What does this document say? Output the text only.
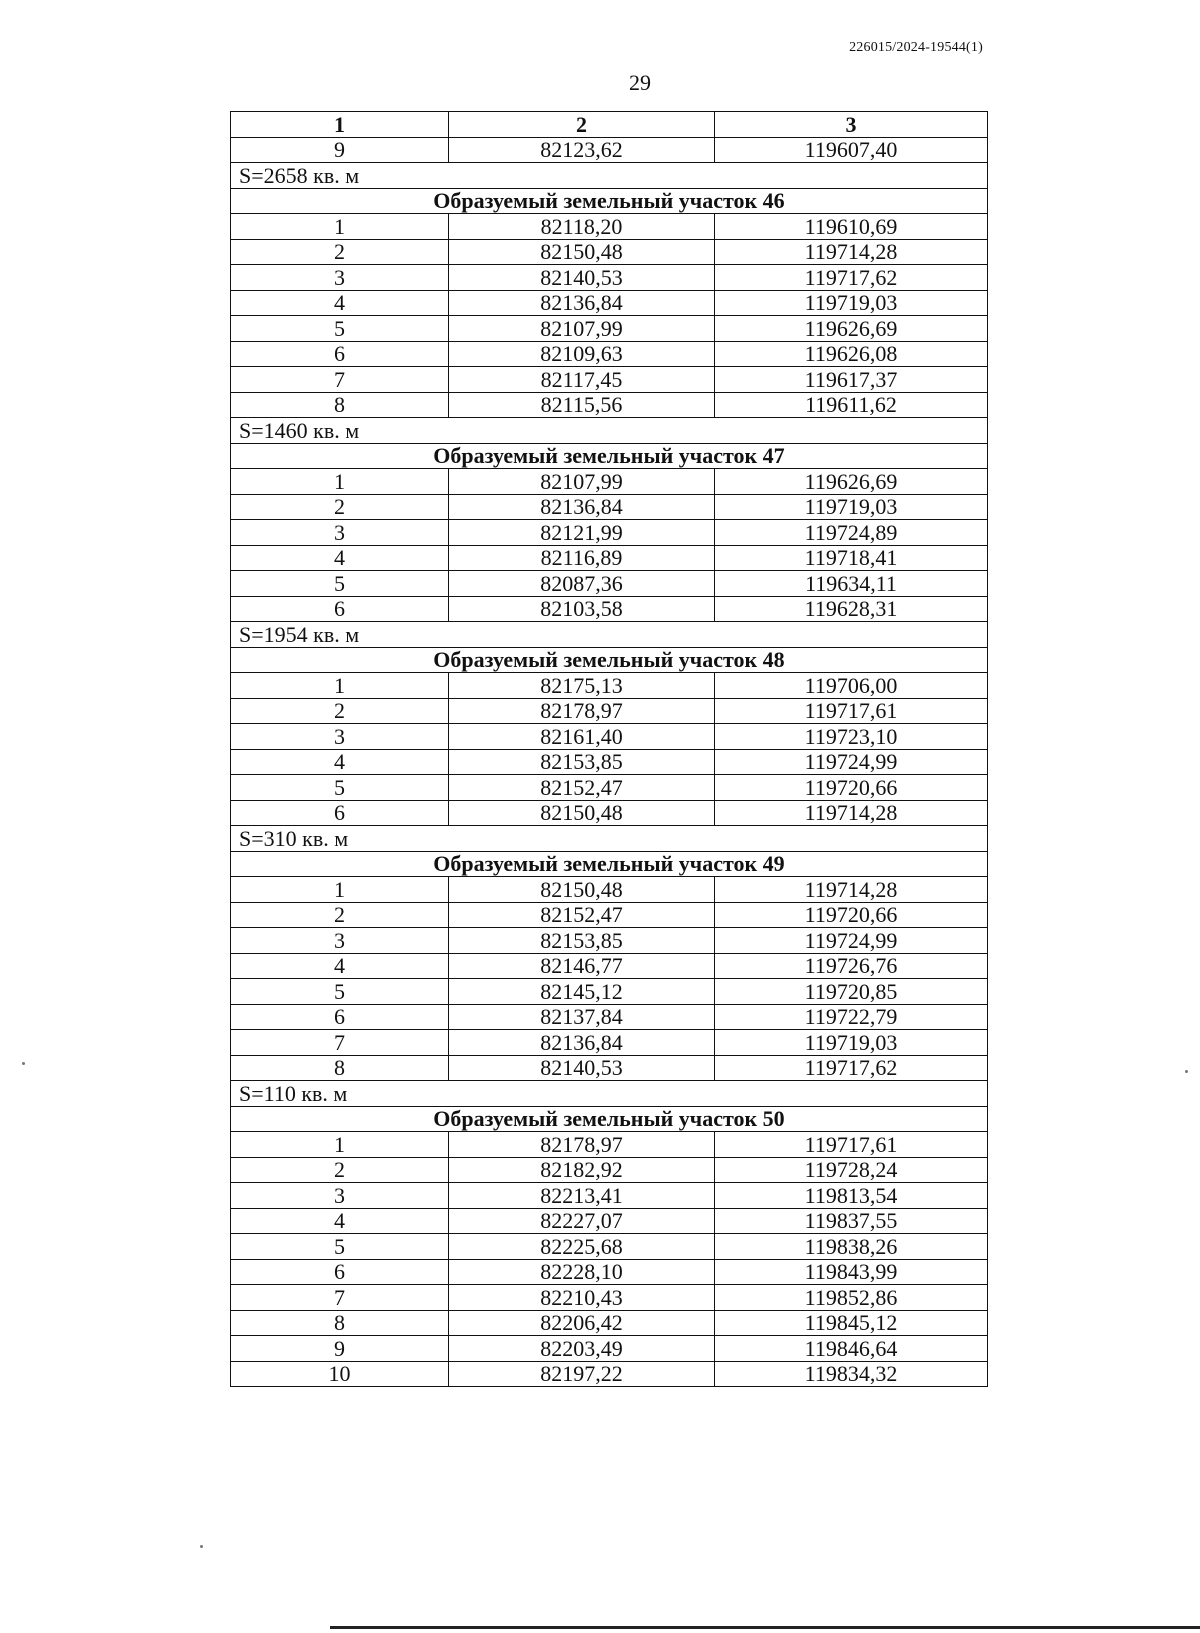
226015/2024-19544(1)
29
1	2	3
9	82123,62	119607,40
S=2658 кв. м		
Образуемый земельный участок 46		
1	82118,20	119610,69
2	82150,48	119714,28
3	82140,53	119717,62
4	82136,84	119719,03
5	82107,99	119626,69
6	82109,63	119626,08
7	82117,45	119617,37
8	82115,56	119611,62
S=1460 кв. м		
Образуемый земельный участок 47		
1	82107,99	119626,69
2	82136,84	119719,03
3	82121,99	119724,89
4	82116,89	119718,41
5	82087,36	119634,11
6	82103,58	119628,31
S=1954 кв. м		
Образуемый земельный участок 48		
1	82175,13	119706,00
2	82178,97	119717,61
3	82161,40	119723,10
4	82153,85	119724,99
5	82152,47	119720,66
6	82150,48	119714,28
S=310 кв. м		
Образуемый земельный участок 49		
1	82150,48	119714,28
2	82152,47	119720,66
3	82153,85	119724,99
4	82146,77	119726,76
5	82145,12	119720,85
6	82137,84	119722,79
7	82136,84	119719,03
8	82140,53	119717,62
S=110 кв. м		
Образуемый земельный участок 50		
1	82178,97	119717,61
2	82182,92	119728,24
3	82213,41	119813,54
4	82227,07	119837,55
5	82225,68	119838,26
6	82228,10	119843,99
7	82210,43	119852,86
8	82206,42	119845,12
9	82203,49	119846,64
10	82197,22	119834,32
